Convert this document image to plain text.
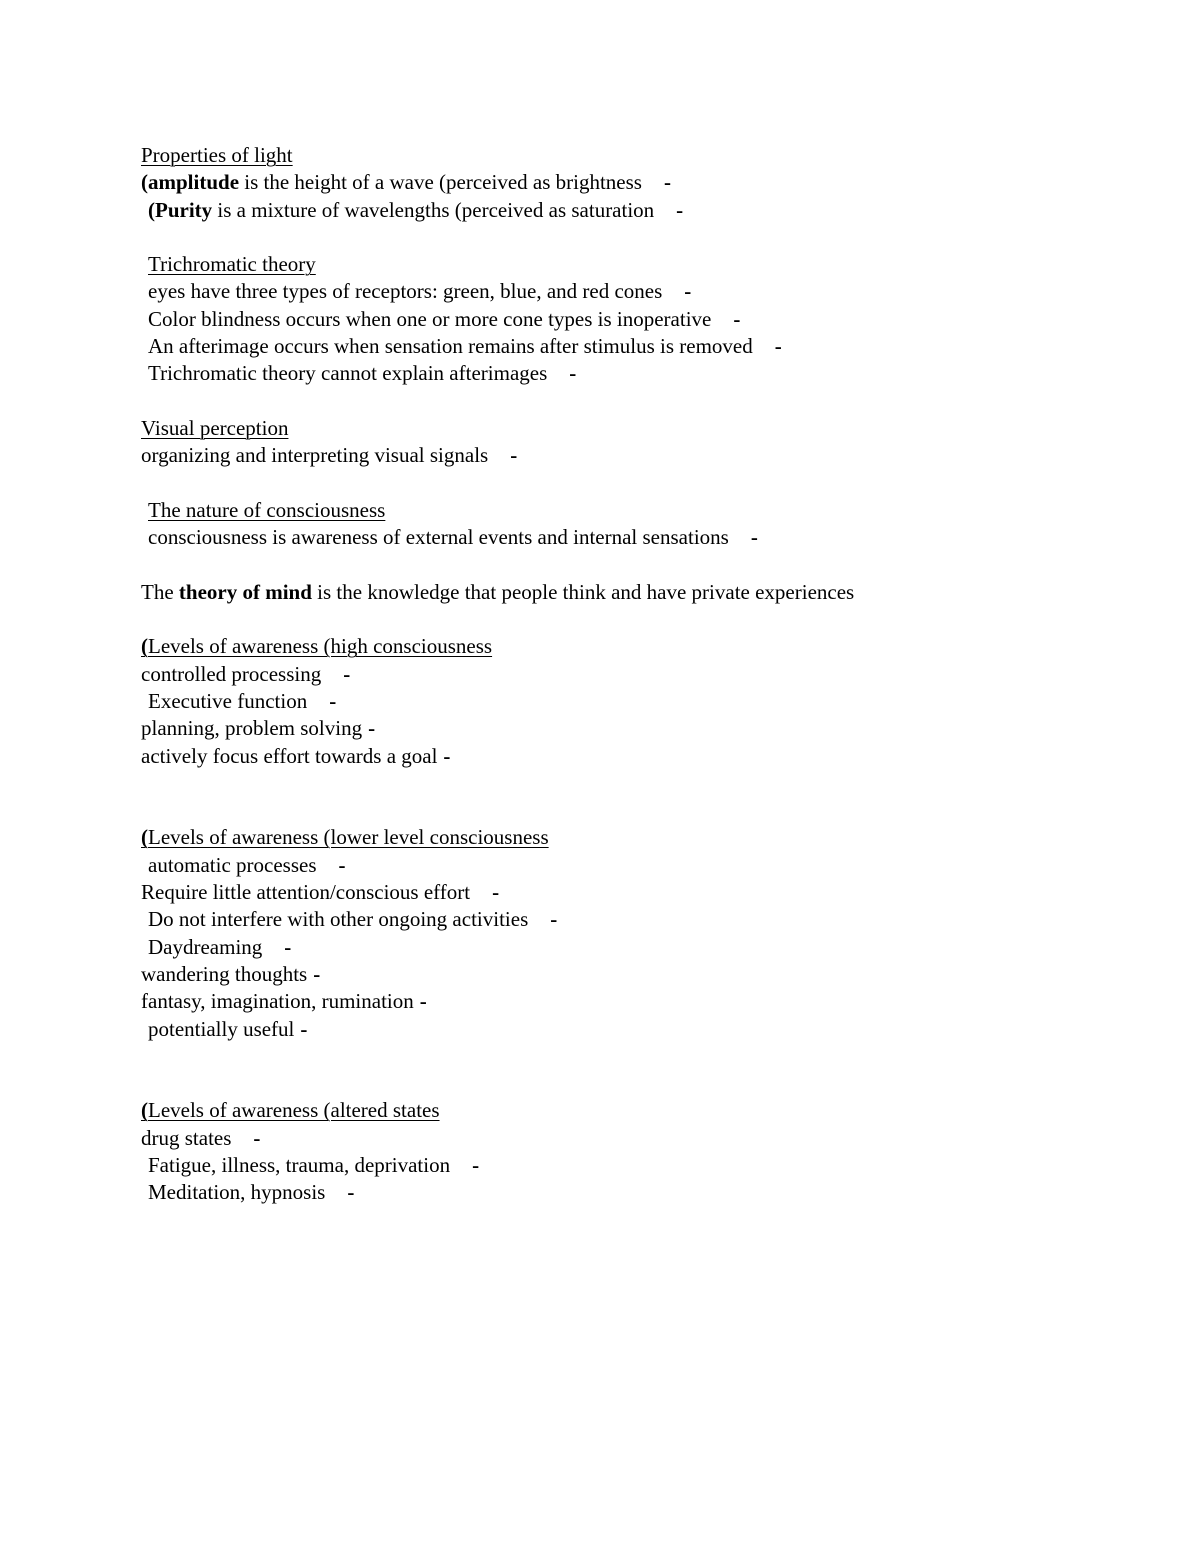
Properties of light

(amplitude is the height of a wave (perceived as brightness -

(Purity is a mixture of wavelengths (perceived as saturation -

Trichromatic theory

eyes have three types of receptors: green, blue, and red cones -

Color blindness occurs when one or more cone types is inoperative -

An afterimage occurs when sensation remains after stimulus is removed -

Trichromatic theory cannot explain afterimages -

Visual perception

organizing and interpreting visual signals -

The nature of consciousness

consciousness is awareness of external events and internal sensations -

The theory of mind is the knowledge that people think and have private experiences

(Levels of awareness (high consciousness

controlled processing -

Executive function -

planning, problem solving -

actively focus effort towards a goal -

(Levels of awareness (lower level consciousness

automatic processes -

Require little attention/conscious effort -

Do not interfere with other ongoing activities -

Daydreaming -

wandering thoughts -

fantasy, imagination, rumination -

potentially useful -

(Levels of awareness (altered states

drug states -

Fatigue, illness, trauma, deprivation -

Meditation, hypnosis -
